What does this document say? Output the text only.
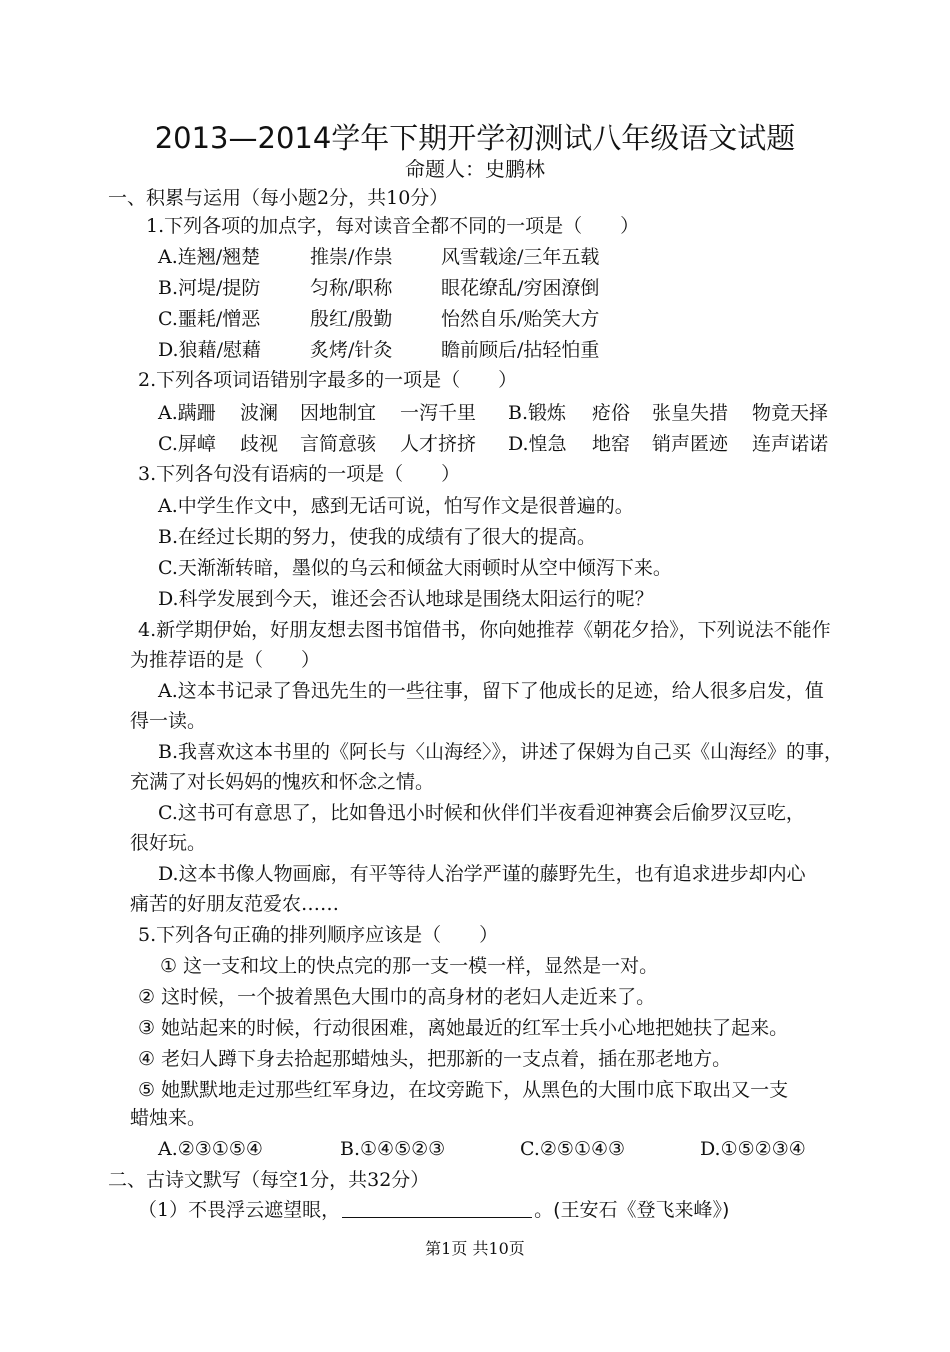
2013—2014学年下期开学初测试八年级语文试题
命题人：史鹏林
一、积累与运用（每小题2分，共10分）
1.下列各项的加点字，每对读音全都不同的一项是（　　）
A.连翘/翘楚	推崇/作祟	风雪载途/三年五载
B.河堤/提防	匀称/职称	眼花缭乱/穷困潦倒
C.噩耗/憎恶	殷红/殷勤	怡然自乐/贻笑大方
D.狼藉/慰藉	炙烤/针灸	瞻前顾后/拈轻怕重
2.下列各项词语错别字最多的一项是（　　）
A.蹒跚 波澜 因地制宜 一泻千里 B.锻炼 疮俗 张皇失措 物竟天择
C.屏嶂 歧视 言简意骇 人才挤挤 D.惶急 地窑 销声匿迹 连声诺诺
3.下列各句没有语病的一项是（　　）
A.中学生作文中，感到无话可说，怕写作文是很普遍的。
B.在经过长期的努力，使我的成绩有了很大的提高。
C.天渐渐转暗，墨似的乌云和倾盆大雨顿时从空中倾泻下来。
D.科学发展到今天，谁还会否认地球是围绕太阳运行的呢？
4.新学期伊始，好朋友想去图书馆借书，你向她推荐《朝花夕拾》，下列说法不能作
为推荐语的是（　　）
A.这本书记录了鲁迅先生的一些往事，留下了他成长的足迹，给人很多启发，值
得一读。
B.我喜欢这本书里的《阿长与〈山海经〉》，讲述了保姆为自己买《山海经》的事，
充满了对长妈妈的愧疚和怀念之情。
C.这书可有意思了，比如鲁迅小时候和伙伴们半夜看迎神赛会后偷罗汉豆吃，
很好玩。
D.这本书像人物画廊，有平等待人治学严谨的藤野先生，也有追求进步却内心
痛苦的好朋友范爱农……
5.下列各句正确的排列顺序应该是（　　）
① 这一支和坟上的快点完的那一支一模一样，显然是一对。
② 这时候，一个披着黑色大围巾的高身材的老妇人走近来了。
③ 她站起来的时候，行动很困难，离她最近的红军士兵小心地把她扶了起来。
④ 老妇人蹲下身去拾起那蜡烛头，把那新的一支点着，插在那老地方。
⑤ 她默默地走过那些红军身边，在坟旁跪下，从黑色的大围巾底下取出又一支
蜡烛来。
A.②③①⑤④	B.①④⑤②③	C.②⑤①④③	D.①⑤②③④
二、古诗文默写（每空1分，共32分）
（1）不畏浮云遮望眼，	。(王安石《登飞来峰》)
第1页 共10页
